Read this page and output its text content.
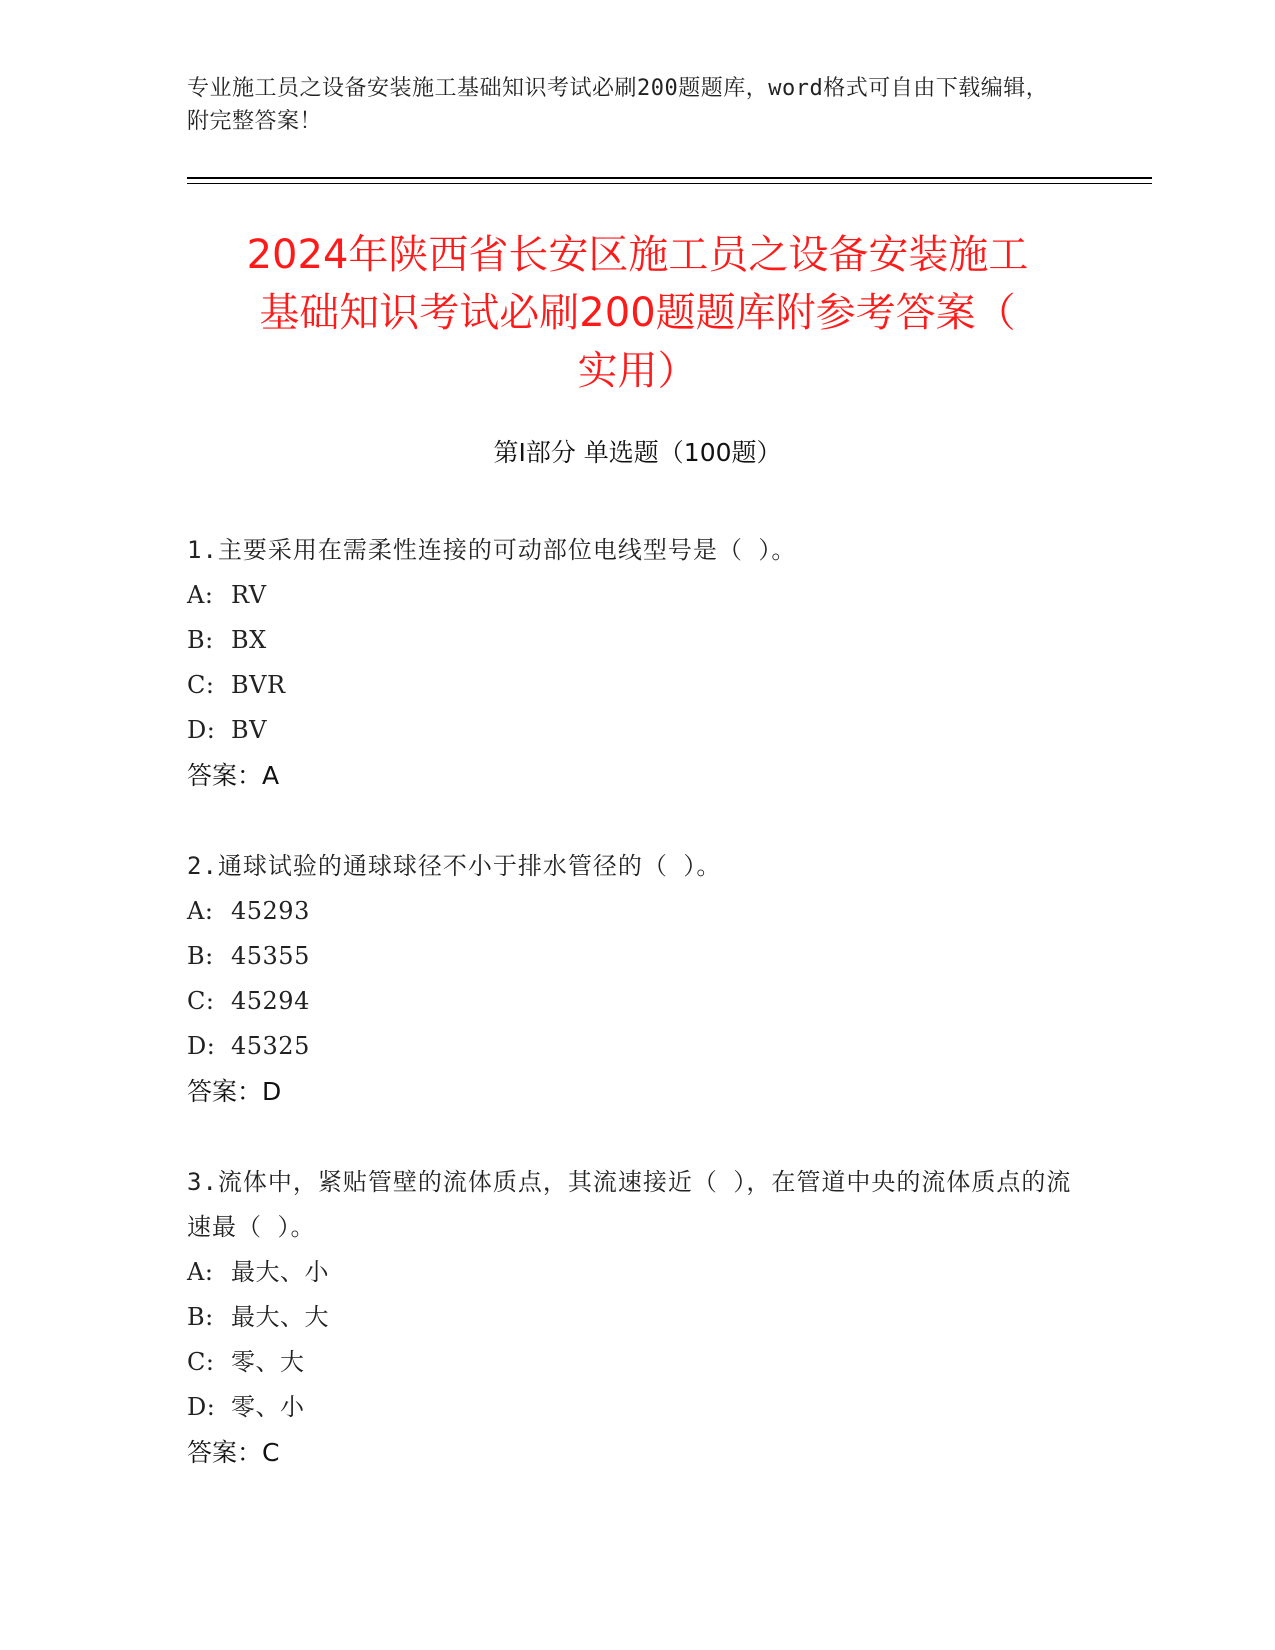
专业施工员之设备安装施工基础知识考试必刷200题题库，word格式可自由下载编辑，附完整答案！
2024年陕西省长安区施工员之设备安装施工
基础知识考试必刷200题题库附参考答案（
实用）
第I部分 单选题（100题）
1.主要采用在需柔性连接的可动部位电线型号是（ ）。
A: RV
B: BX
C: BVR
D: BV
答案：A
2.通球试验的通球球径不小于排水管径的（ ）。
A: 45293
B: 45355
C: 45294
D: 45325
答案：D
3.流体中，紧贴管壁的流体质点，其流速接近（ ），在管道中央的流体质点的流速最（ ）。
A: 最大、小
B: 最大、大
C: 零、大
D: 零、小
答案：C
